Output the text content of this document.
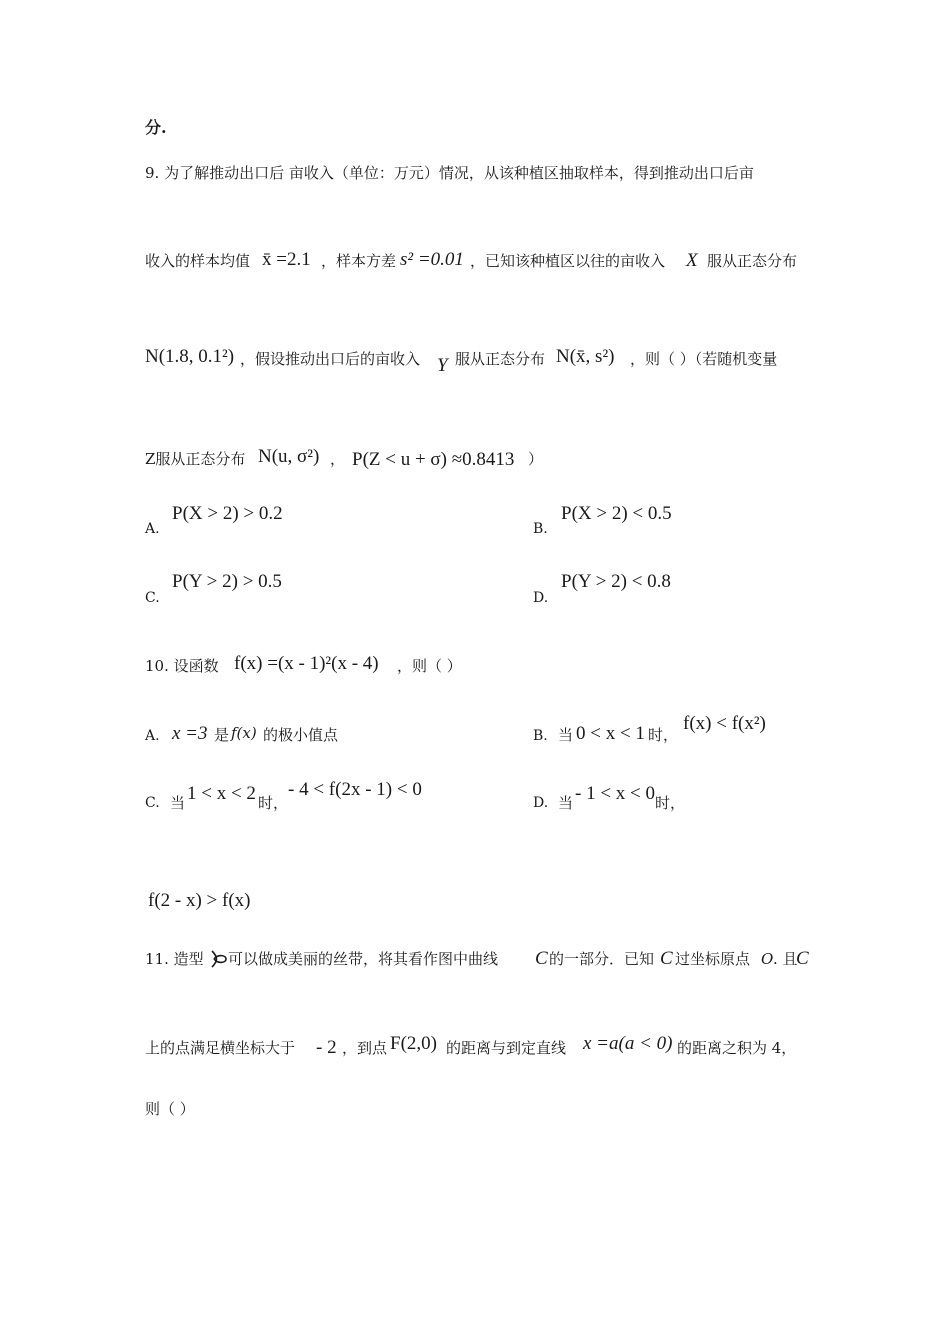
分.
9. 为了解推动出口后 亩收入（单位：万元）情况，从该种植区抽取样本，得到推动出口后亩
收入的样本均值 x̄ =2.1 ，样本方差 s² =0.01 ，已知该种植区以往的亩收入 X 服从正态分布
N(1.8, 0.1²) ，假设推动出口后的亩收入 Y 服从正态分布 N(x̄, s²) ，则（ ）（若随机变量
Z服从正态分布 N(u, σ²) ， P(Z < u + σ) ≈0.8413 ）
A.
P(X > 2) > 0.2
B.
P(X > 2) < 0.5
C.
P(Y > 2) > 0.5
D.
P(Y > 2) < 0.8
10. 设函数 f(x) =(x - 1)²(x - 4) ，则（ ）
A. x =3 是 f(x) 的极小值点	B. 当 0 < x < 1 时，
f(x) < f(x²)
C. 当 1 < x < 2 时，
- 4 < f(2x - 1) < 0
D. 当 - 1 < x < 0 时，
f(2 - x) > f(x)
11. 造型 可以做成美丽的丝带，将其看作图中曲线 C 的一部分．已知 C 过坐标原点 O . 且
C
上的点满足横坐标大于 - 2 ，到点 F(2,0) 的距离与到定直线 x =a(a < 0) 的距离之积为 4，
则（ ）
